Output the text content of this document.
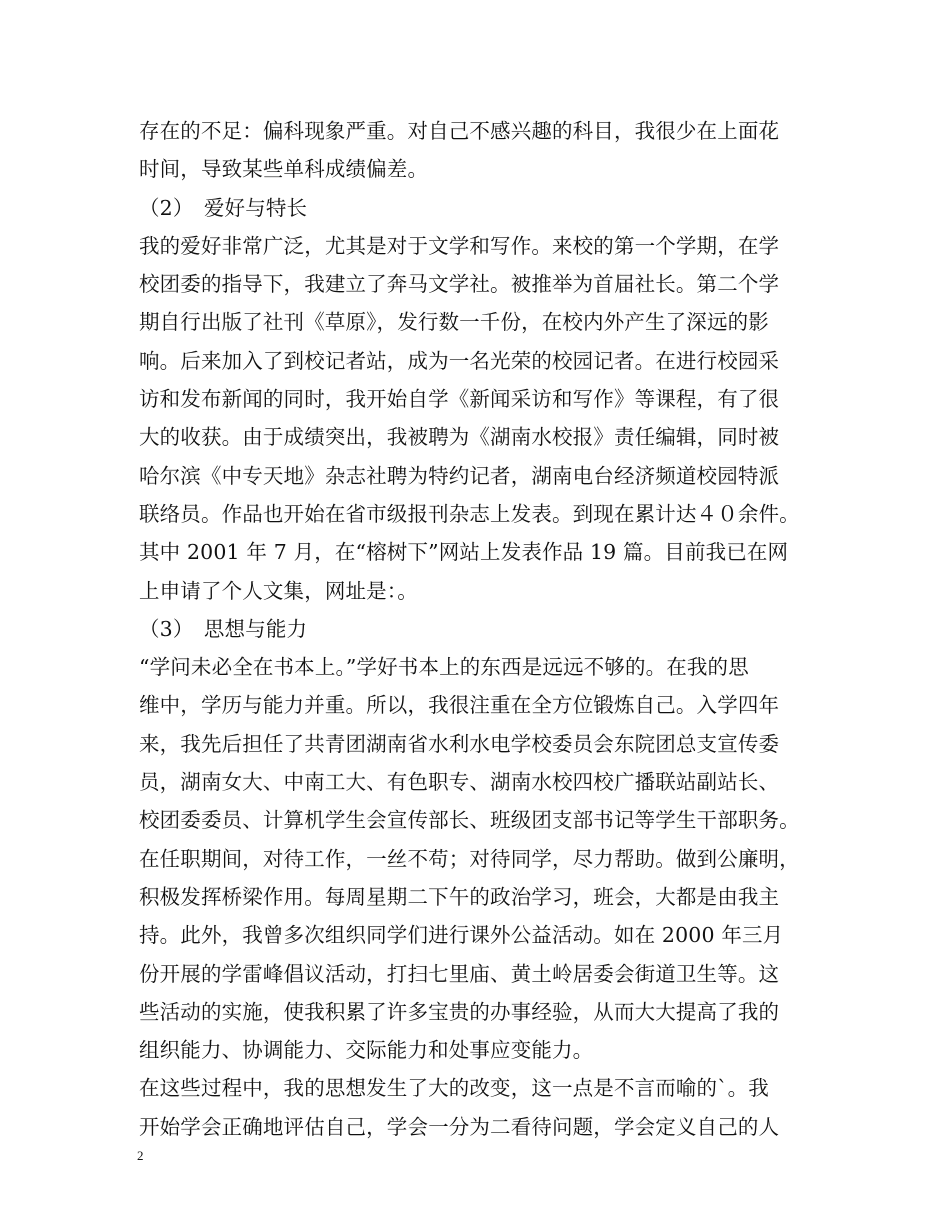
存在的不足：偏科现象严重。对自己不感兴趣的科目，我很少在上面花
时间，导致某些单科成绩偏差。
（2）　爱好与特长
我的爱好非常广泛，尤其是对于文学和写作。来校的第一个学期，在学
校团委的指导下，我建立了奔马文学社。被推举为首届社长。第二个学
期自行出版了社刊《草原》，发行数一千份，在校内外产生了深远的影
响。后来加入了到校记者站，成为一名光荣的校园记者。在进行校园采
访和发布新闻的同时，我开始自学《新闻采访和写作》等课程，有了很
大的收获。由于成绩突出，我被聘为《湖南水校报》责任编辑，同时被
哈尔滨《中专天地》杂志社聘为特约记者，湖南电台经济频道校园特派
联络员。作品也开始在省市级报刊杂志上发表。到现在累计达４０余件。
其中 2001 年 7 月，在“榕树下”网站上发表作品 19 篇。目前我已在网
上申请了个人文集，网址是：。
（3）　思想与能力
“学问未必全在书本上。”学好书本上的东西是远远不够的。在我的思
维中，学历与能力并重。所以，我很注重在全方位锻炼自己。入学四年
来，我先后担任了共青团湖南省水利水电学校委员会东院团总支宣传委
员，湖南女大、中南工大、有色职专、湖南水校四校广播联站副站长、
校团委委员、计算机学生会宣传部长、班级团支部书记等学生干部职务。
在任职期间，对待工作，一丝不苟；对待同学，尽力帮助。做到公廉明，
积极发挥桥梁作用。每周星期二下午的政治学习，班会，大都是由我主
持。此外，我曾多次组织同学们进行课外公益活动。如在 2000 年三月
份开展的学雷峰倡议活动，打扫七里庙、黄土岭居委会街道卫生等。这
些活动的实施，使我积累了许多宝贵的办事经验，从而大大提高了我的
组织能力、协调能力、交际能力和处事应变能力。
在这些过程中，我的思想发生了大的改变，这一点是不言而喻的`。我
开始学会正确地评估自己，学会一分为二看待问题，学会定义自己的人
2
